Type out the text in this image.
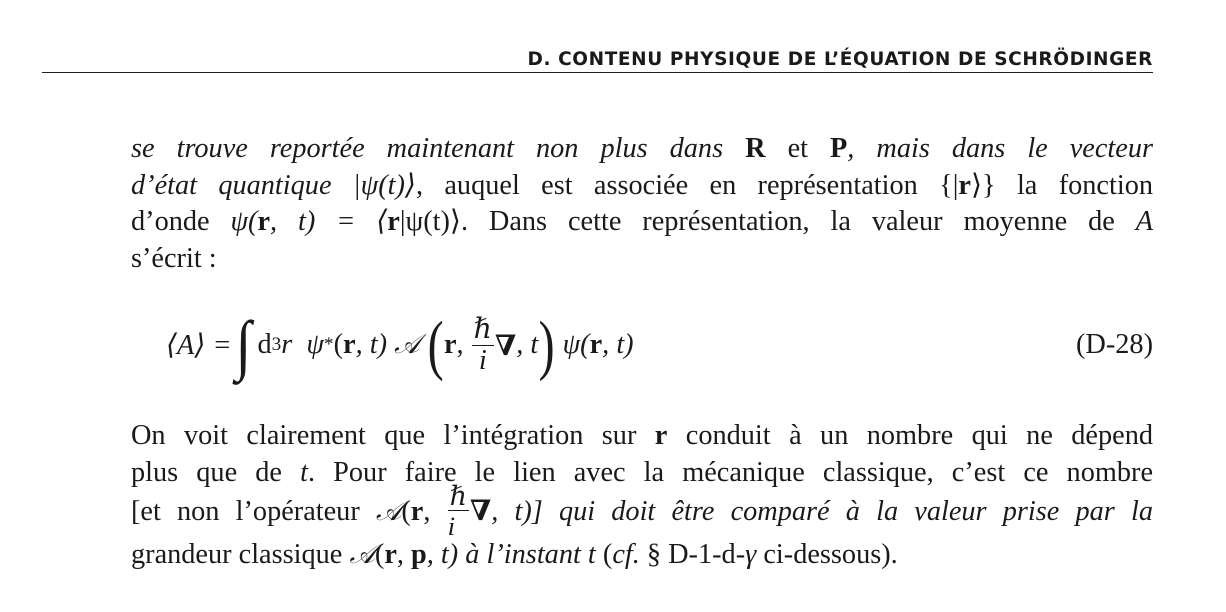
D. CONTENU PHYSIQUE DE L’ÉQUATION DE SCHRÖDINGER
se trouve reportée maintenant non plus dans R et P, mais dans le vecteur
d’état quantique |ψ(t)⟩, auquel est associée en représentation {|r⟩} la fonction
d’onde ψ(r, t) = ⟨r|ψ(t)⟩. Dans cette représentation, la valeur moyenne de A
s’écrit :
⟨A⟩ = ∫ d 3 r
ψ * ( r , t)
𝒜
( r ,
$\frac{\text{ℏ}}{i}$ ∇ , t )
ψ( r , t)	(D-28)
On voit clairement que l’intégration sur r conduit à un nombre qui ne dépend
plus que de t. Pour faire le lien avec la mécanique classique, c’est ce nombre
[et non l’opérateur 𝒜(r, $\frac{\text{ℏ}}{i}$ ∇, t)] qui doit être comparé à la valeur prise par la
grandeur classique 𝒜(r, p, t) à l’instant t (cf. § D-1-d-γ ci-dessous).
